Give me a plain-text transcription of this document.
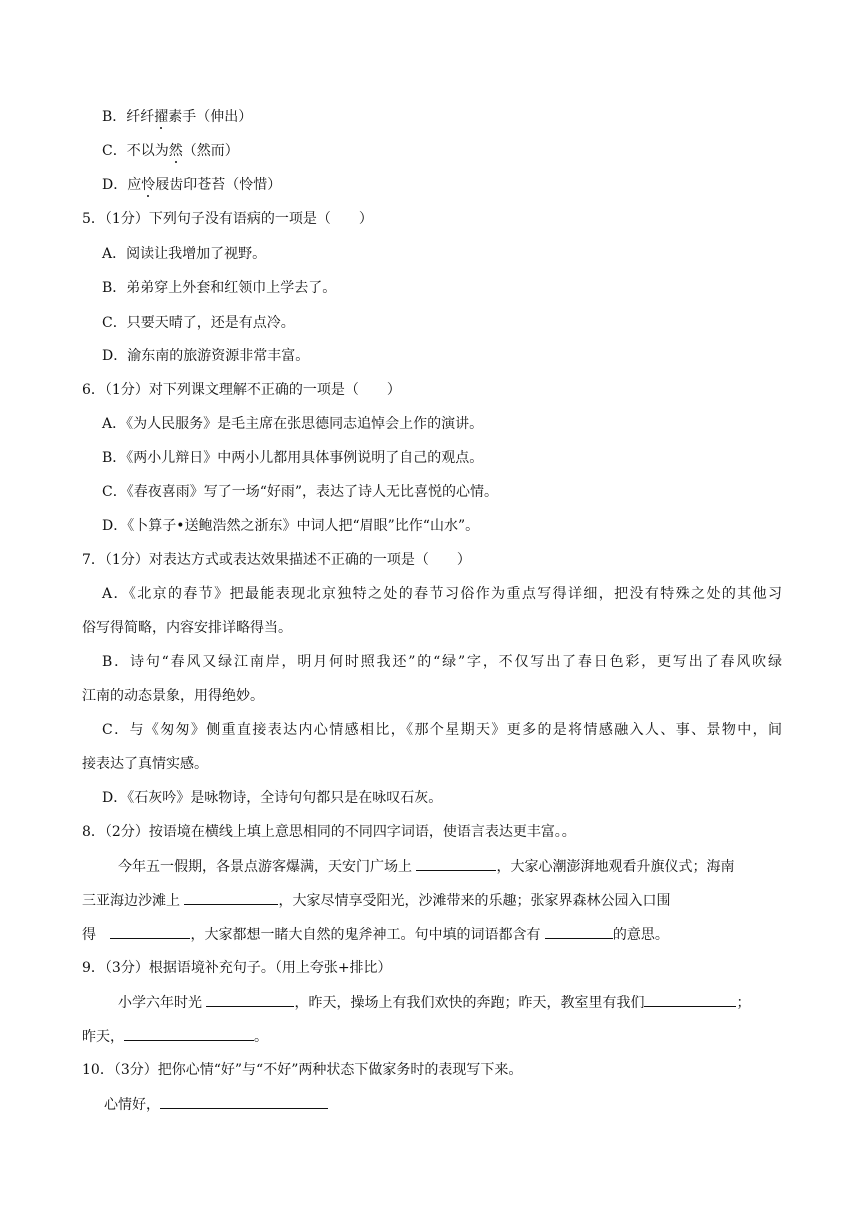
B．纤纤擢素手（伸出）
C．不以为然（然而）
D．应怜屐齿印苍苔（怜惜）
5．（1分）下列句子没有语病的一项是（　　）
A．阅读让我增加了视野。
B．弟弟穿上外套和红领巾上学去了。
C．只要天晴了，还是有点冷。
D．渝东南的旅游资源非常丰富。
6．（1分）对下列课文理解不正确的一项是（　　）
A．《为人民服务》是毛主席在张思德同志追悼会上作的演讲。
B．《两小儿辩日》中两小儿都用具体事例说明了自己的观点。
C．《春夜喜雨》写了一场“好雨”，表达了诗人无比喜悦的心情。
D．《卜算子•送鲍浩然之浙东》中词人把“眉眼”比作“山水”。
7．（1分）对表达方式或表达效果描述不正确的一项是（　　）
A．《北京的春节》把最能表现北京独特之处的春节习俗作为重点写得详细，把没有特殊之处的其他习
俗写得简略，内容安排详略得当。
B．诗句“春风又绿江南岸，明月何时照我还”的“绿”字，不仅写出了春日色彩，更写出了春风吹绿
江南的动态景象，用得绝妙。
C．与《匆匆》侧重直接表达内心情感相比，《那个星期天》更多的是将情感融入人、事、景物中，间
接表达了真情实感。
D．《石灰吟》是咏物诗，全诗句句都只是在咏叹石灰。
8．（2分）按语境在横线上填上意思相同的不同四字词语，使语言表达更丰富。。
今年五一假期，各景点游客爆满，天安门广场上	，大家心潮澎湃地观看升旗仪式；海南
三亚海边沙滩上	，大家尽情享受阳光，沙滩带来的乐趣；张家界森林公园入口围
得	，大家都想一睹大自然的鬼斧神工。句中填的词语都含有	的意思。
9．（3分）根据语境补充句子。（用上夸张+排比）
小学六年时光	，昨天，操场上有我们欢快的奔跑；昨天，教室里有我们	；
昨天，	。
10．（3分）把你心情“好”与“不好”两种状态下做家务时的表现写下来。
心情好，
